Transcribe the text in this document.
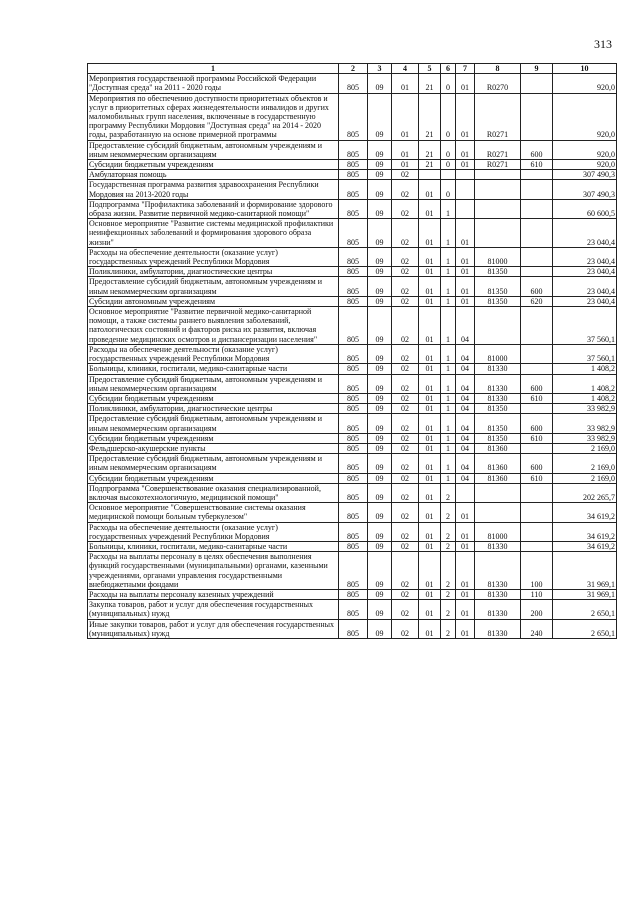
313
1	2	3	4	5	6	7	8	9	10
Мероприятия государственной программы Российской Федерации "Доступная среда" на 2011 - 2020 годы	805	09	01	21	0	01	R0270		920,0
Мероприятия по обеспечению доступности приоритетных объектов и услуг в приоритетных сферах жизнедеятельности инвалидов и других маломобильных групп населения, включенные в государственную программу Республики Мордовия "Доступная среда" на 2014 - 2020 годы, разработанную на основе примерной программы	805	09	01	21	0	01	R0271		920,0
Предоставление субсидий бюджетным, автономным учреждениям и иным некоммерческим организациям	805	09	01	21	0	01	R0271	600	920,0
Субсидии бюджетным учреждениям	805	09	01	21	0	01	R0271	610	920,0
Амбулаторная помощь	805	09	02						307 490,3
Государственная программа развития здравоохранения Республики Мордовия на 2013-2020 годы	805	09	02	01	0				307 490,3
Подпрограмма "Профилактика заболеваний и формирование здорового образа жизни. Развитие первичной медико-санитарной помощи"	805	09	02	01	1				60 600,5
Основное мероприятие "Развитие системы медицинской профилактики неинфекционных заболеваний и формирования здорового образа жизни"	805	09	02	01	1	01			23 040,4
Расходы на обеспечение деятельности (оказание услуг) государственных учреждений Республики Мордовия	805	09	02	01	1	01	81000		23 040,4
Поликлиники, амбулатории, диагностические центры	805	09	02	01	1	01	81350		23 040,4
Предоставление субсидий бюджетным, автономным учреждениям и иным некоммерческим организациям	805	09	02	01	1	01	81350	600	23 040,4
Субсидии автономным учреждениям	805	09	02	01	1	01	81350	620	23 040,4
Основное мероприятие "Развитие первичной медико-санитарной помощи, а также системы раннего выявления заболеваний, патологических состояний и факторов риска их развития, включая проведение медицинских осмотров и диспансеризации населения"	805	09	02	01	1	04			37 560,1
Расходы на обеспечение деятельности (оказание услуг) государственных учреждений Республики Мордовия	805	09	02	01	1	04	81000		37 560,1
Больницы, клиники, госпитали, медико-санитарные части	805	09	02	01	1	04	81330		1 408,2
Предоставление субсидий бюджетным, автономным учреждениям и иным некоммерческим организациям	805	09	02	01	1	04	81330	600	1 408,2
Субсидии бюджетным учреждениям	805	09	02	01	1	04	81330	610	1 408,2
Поликлиники, амбулатории, диагностические центры	805	09	02	01	1	04	81350		33 982,9
Предоставление субсидий бюджетным, автономным учреждениям и иным некоммерческим организациям	805	09	02	01	1	04	81350	600	33 982,9
Субсидии бюджетным учреждениям	805	09	02	01	1	04	81350	610	33 982,9
Фельдшерско-акушерские пункты	805	09	02	01	1	04	81360		2 169,0
Предоставление субсидий бюджетным, автономным учреждениям и иным некоммерческим организациям	805	09	02	01	1	04	81360	600	2 169,0
Субсидии бюджетным учреждениям	805	09	02	01	1	04	81360	610	2 169,0
Подпрограмма "Совершенствование оказания специализированной, включая высокотехнологичную, медицинской помощи"	805	09	02	01	2				202 265,7
Основное мероприятие "Совершенствование системы оказания медицинской помощи больным туберкулезом"	805	09	02	01	2	01			34 619,2
Расходы на обеспечение деятельности (оказание услуг) государственных учреждений Республики Мордовия	805	09	02	01	2	01	81000		34 619,2
Больницы, клиники, госпитали, медико-санитарные части	805	09	02	01	2	01	81330		34 619,2
Расходы на выплаты персоналу в целях обеспечения выполнения функций государственными (муниципальными) органами, казенными учреждениями, органами управления государственными внебюджетными фондами	805	09	02	01	2	01	81330	100	31 969,1
Расходы на выплаты персоналу казенных учреждений	805	09	02	01	2	01	81330	110	31 969,1
Закупка товаров, работ и услуг для обеспечения государственных (муниципальных) нужд	805	09	02	01	2	01	81330	200	2 650,1
Иные закупки товаров, работ и услуг для обеспечения государственных (муниципальных) нужд	805	09	02	01	2	01	81330	240	2 650,1
